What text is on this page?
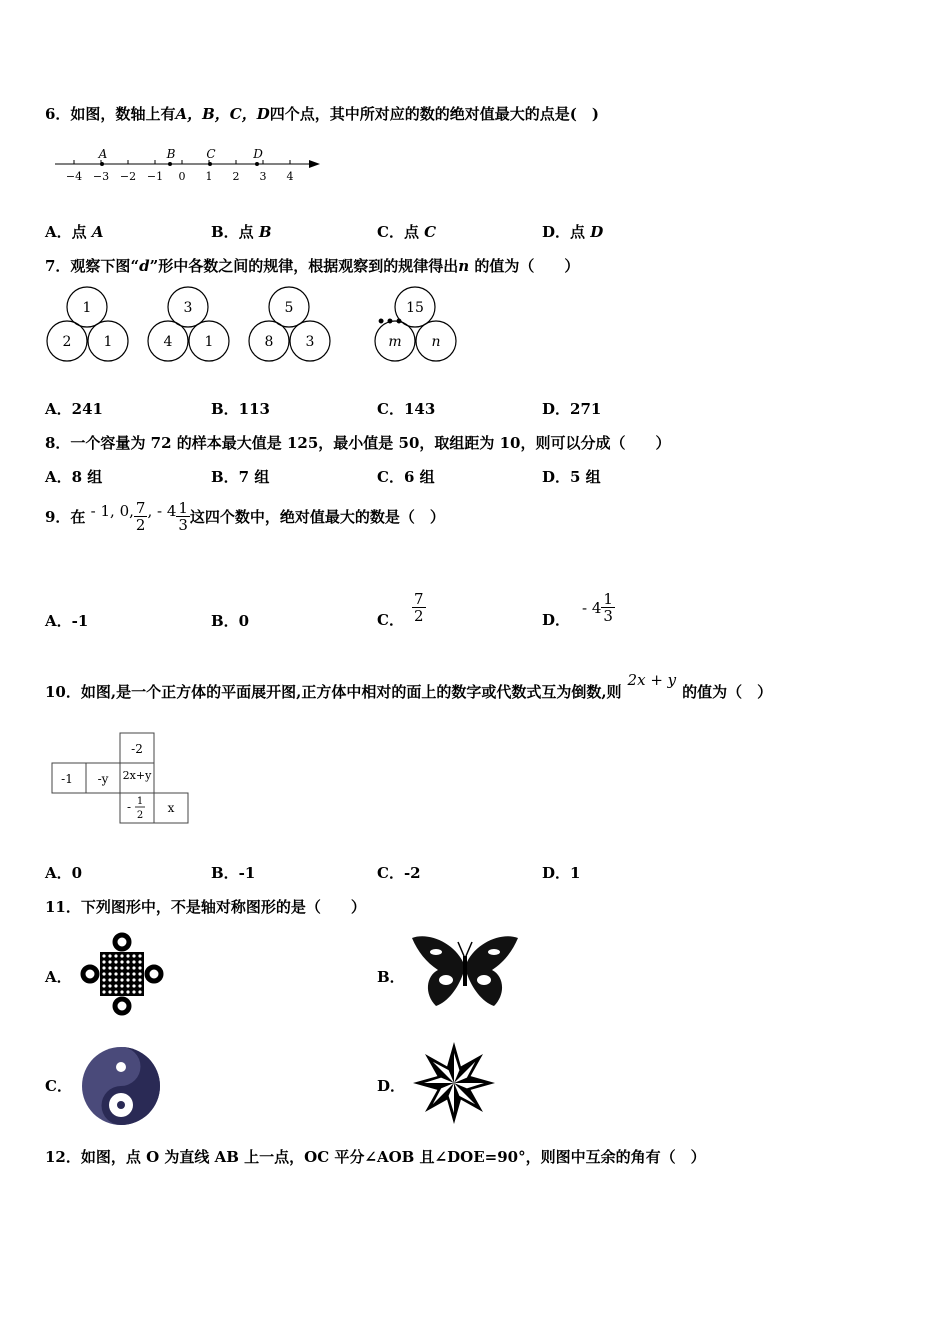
6．如图，数轴上有A，B，C，D四个点，其中所对应的数的绝对值最大的点是(　)
−4 −3 −2 −1 0 1 2 3 4
A	B	C	D
A．点 A	B．点 B	C．点 C	D．点 D
7．观察下图“d”形中各数之间的规律，根据观察到的规律得出n 的值为（　　）
1
2 1
3
4 1
5
8 3
15
m n
•••
A．241	B．113	C．143	D．271
8．一个容量为 72 的样本最大值是 125，最小值是 50，取组距为 10，则可以分成（　　）
A．8 组	B．7 组	C．6 组	D．5 组
9．在 - 1, 0, $\frac{7}{2}$ , - $4 \frac{1}{3}$ 这四个数中，绝对值最大的数是（　）
A．-1	B．0	C． $\frac{7}{2}$	D．- $4 \frac{1}{3}$
10．如图,是一个正方体的平面展开图,正方体中相对的面上的数字或代数式互为倒数,则2x + y的值为（　）
-2
-1 -y 2x+y
- 1
2
x
A．0	B．-1	C．-2	D．1
11．下列图形中，不是轴对称图形的是（　　）
A．	B．
C．	D．
12．如图，点 O 为直线 AB 上一点，OC 平分∠AOB 且∠DOE=90°，则图中互余的角有（　）
